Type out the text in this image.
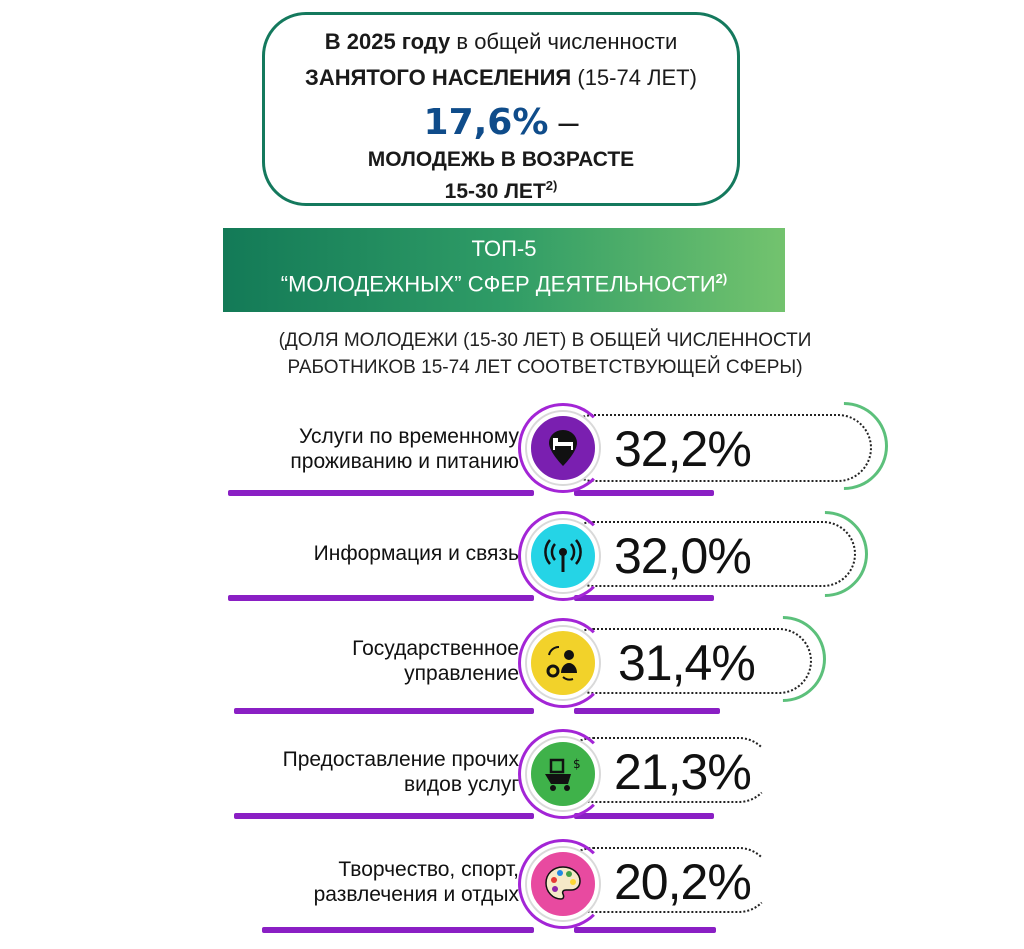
В 2025 году в общей численности
ЗАНЯТОГО НАСЕЛЕНИЯ (15-74 ЛЕТ)
17,6% –
МОЛОДЕЖЬ В ВОЗРАСТЕ
15-30 ЛЕТ$^{2)}$
ТОП-5
“МОЛОДЕЖНЫХ” СФЕР ДЕЯТЕЛЬНОСТИ$^{2)}$
(ДОЛЯ МОЛОДЕЖИ (15-30 ЛЕТ) В ОБЩЕЙ ЧИСЛЕННОСТИ
РАБОТНИКОВ 15-74 ЛЕТ СООТВЕТСТВУЮЩЕЙ СФЕРЫ)
Услуги по временному
проживанию и питанию 32,2%
Информация и связь 32,0%
Государственное
управление 31,4%
Предоставление прочих
видов услуг
$ 21,3%
Творчество, спорт,
развлечения и отдых 20,2%
